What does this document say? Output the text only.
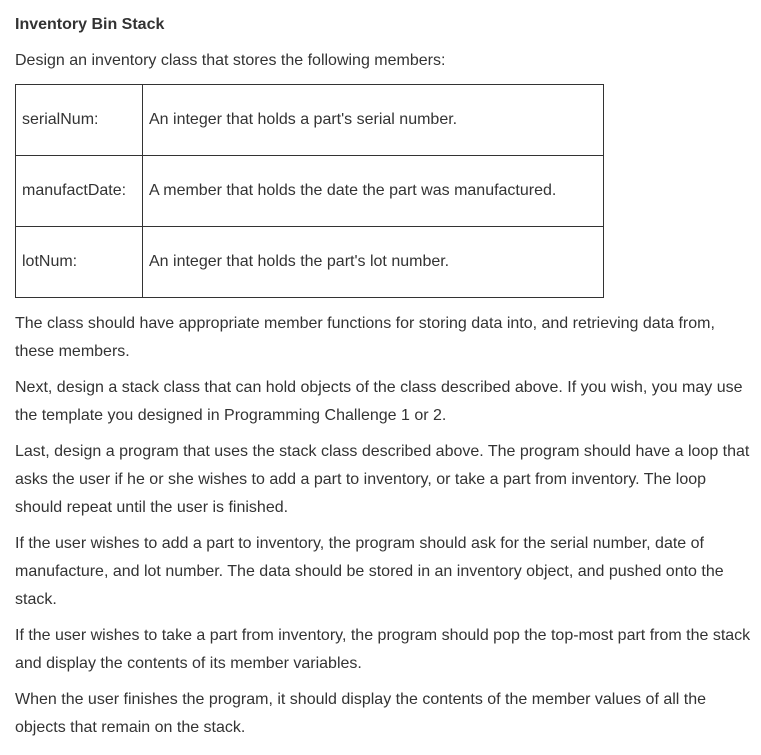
Inventory Bin Stack
Design an inventory class that stores the following members:
serialNum:	An integer that holds a part's serial number.
manufactDate:	A member that holds the date the part was manufactured.
lotNum:	An integer that holds the part's lot number.

The class should have appropriate member functions for storing data into, and retrieving data from, these members.

Next, design a stack class that can hold objects of the class described above. If you wish, you may use the template you designed in Programming Challenge 1 or 2.

Last, design a program that uses the stack class described above. The program should have a loop that asks the user if he or she wishes to add a part to inventory, or take a part from inventory. The loop should repeat until the user is finished.

If the user wishes to add a part to inventory, the program should ask for the serial number, date of manufacture, and lot number. The data should be stored in an inventory object, and pushed onto the stack.

If the user wishes to take a part from inventory, the program should pop the top-most part from the stack and display the contents of its member variables.

When the user finishes the program, it should display the contents of the member values of all the objects that remain on the stack.
